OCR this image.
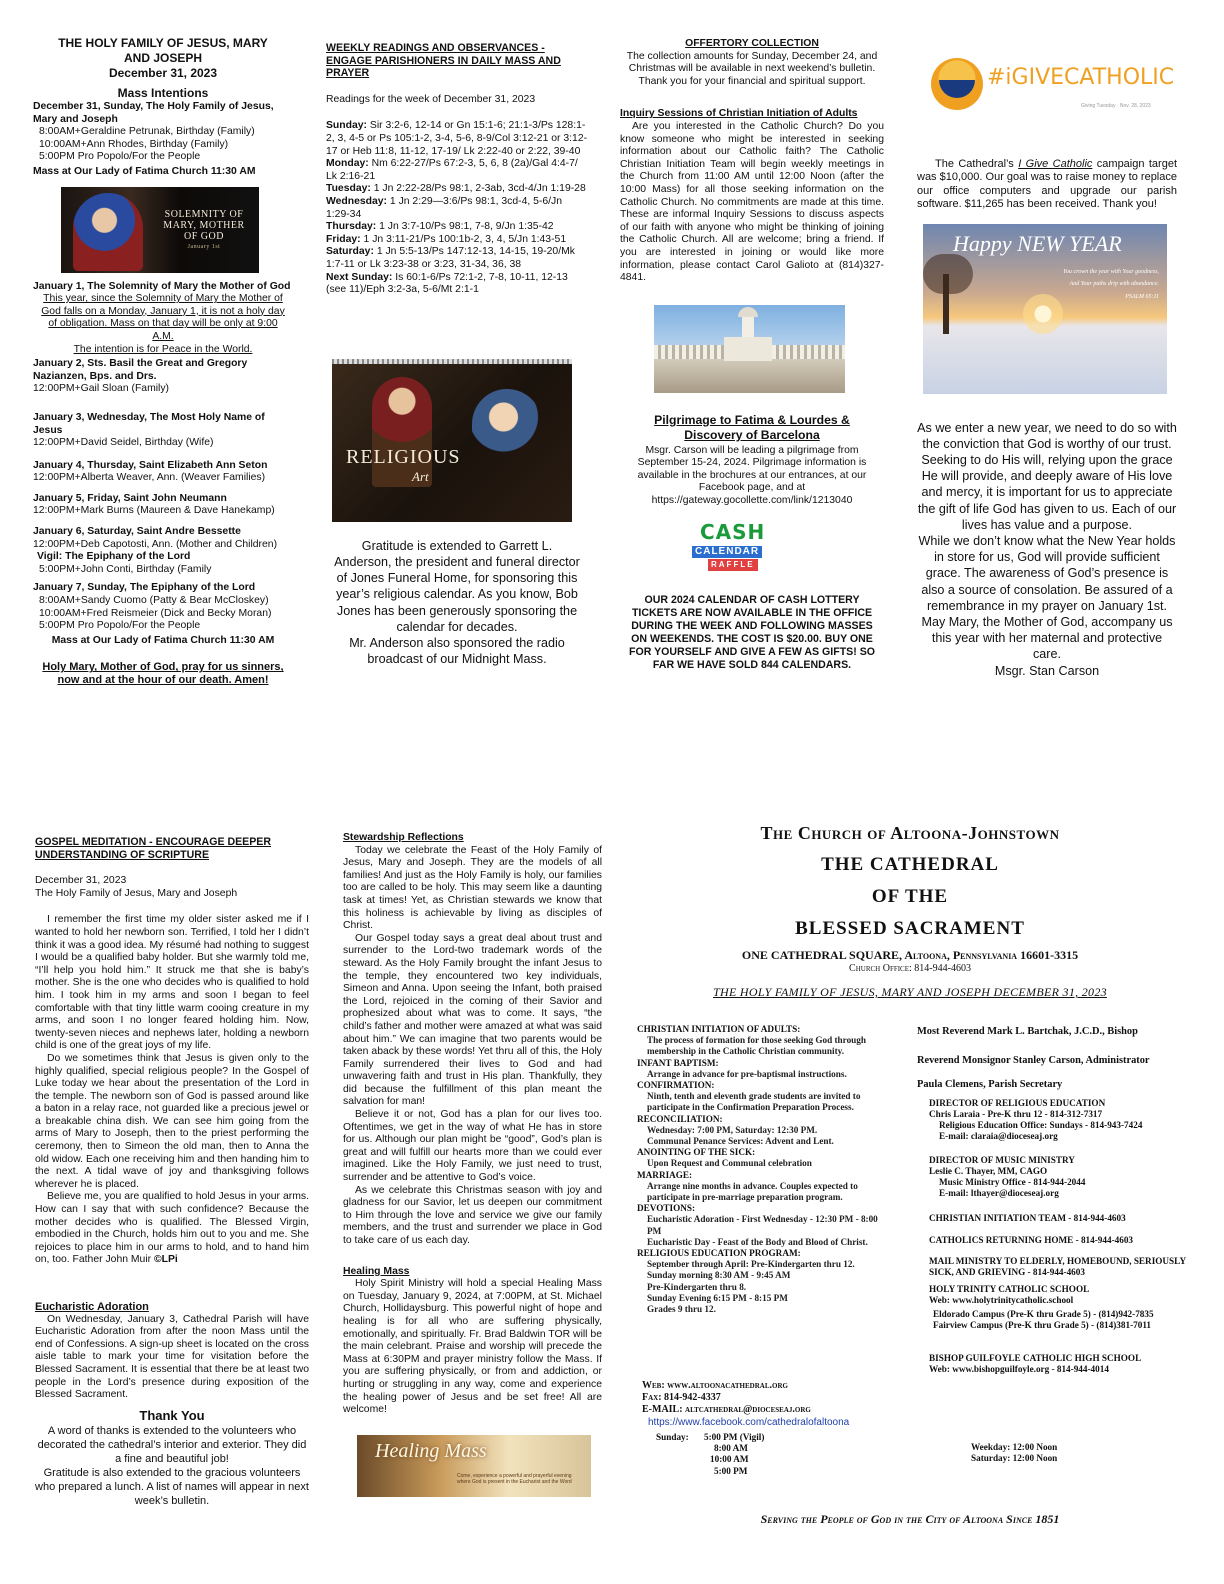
THE HOLY FAMILY OF JESUS, MARY
AND JOSEPH
December 31, 2023
Mass Intentions
December 31, Sunday, The Holy Family of Jesus, Mary and Joseph
8:00AM+Geraldine Petrunak, Birthday (Family)
10:00AM+Ann Rhodes, Birthday (Family)
5:00PM Pro Popolo/For the People
Mass at Our Lady of Fatima Church 11:30 AM
SOLEMNITY OF
MARY, MOTHER
OF GOD
January 1st
January 1, The Solemnity of Mary the Mother of God
This year, since the Solemnity of Mary the Mother of God falls on a Monday, January 1, it is not a holy day of obligation. Mass on that day will be only at 9:00 A.M.
The intention is for Peace in the World.
January 2, Sts. Basil the Great and Gregory Nazianzen, Bps. and Drs.
12:00PM+Gail Sloan (Family)
January 3, Wednesday, The Most Holy Name of Jesus
12:00PM+David Seidel, Birthday (Wife)
January 4, Thursday, Saint Elizabeth Ann Seton
12:00PM+Alberta Weaver, Ann. (Weaver Families)
January 5, Friday, Saint John Neumann
12:00PM+Mark Burns (Maureen & Dave Hanekamp)
January 6, Saturday, Saint Andre Bessette
12:00PM+Deb Capotosti, Ann. (Mother and Children)
Vigil: The Epiphany of the Lord
5:00PM+John Conti, Birthday (Family
January 7, Sunday, The Epiphany of the Lord
8:00AM+Sandy Cuomo (Patty & Bear McCloskey)
10:00AM+Fred Reismeier (Dick and Becky Moran)
5:00PM Pro Popolo/For the People
Mass at Our Lady of Fatima Church 11:30 AM
Holy Mary, Mother of God, pray for us sinners, now and at the hour of our death. Amen!
WEEKLY READINGS AND OBSERVANCES - ENGAGE PARISHIONERS IN DAILY MASS AND PRAYER
Readings for the week of December 31, 2023
Sunday: Sir 3:2-6, 12-14 or Gn 15:1-6; 21:1-3/Ps 128:1-2, 3, 4-5 or Ps 105:1-2, 3-4, 5-6, 8-9/Col 3:12-21 or 3:12-17 or Heb 11:8, 11-12, 17-19/ Lk 2:22-40 or 2:22, 39-40
Monday: Nm 6:22-27/Ps 67:2-3, 5, 6, 8 (2a)/Gal 4:4-7/ Lk 2:16-21
Tuesday: 1 Jn 2:22-28/Ps 98:1, 2-3ab, 3cd-4/Jn 1:19-28
Wednesday: 1 Jn 2:29—3:6/Ps 98:1, 3cd-4, 5-6/Jn 1:29-34
Thursday: 1 Jn 3:7-10/Ps 98:1, 7-8, 9/Jn 1:35-42
Friday: 1 Jn 3:11-21/Ps 100:1b-2, 3, 4, 5/Jn 1:43-51
Saturday: 1 Jn 5:5-13/Ps 147:12-13, 14-15, 19-20/Mk 1:7-11 or Lk 3:23-38 or 3:23, 31-34, 36, 38
Next Sunday: Is 60:1-6/Ps 72:1-2, 7-8, 10-11, 12-13 (see 11)/Eph 3:2-3a, 5-6/Mt 2:1-1
RELIGIOUS
Art
Gratitude is extended to Garrett L. Anderson, the president and funeral director of Jones Funeral Home, for sponsoring this year’s religious calendar. As you know, Bob Jones has been generously sponsoring the calendar for decades.
Mr. Anderson also sponsored the radio broadcast of our Midnight Mass.
OFFERTORY COLLECTION
The collection amounts for Sunday, December 24, and Christmas will be available in next weekend’s bulletin.
Thank you for your financial and spiritual support.
Inquiry Sessions of Christian Initiation of Adults
Are you interested in the Catholic Church? Do you know someone who might be interested in seeking information about our Catholic faith? The Catholic Christian Initiation Team will begin weekly meetings in the Church from 11:00 AM until 12:00 Noon (after the 10:00 Mass) for all those seeking information on the Catholic Church. No commitments are made at this time. These are informal Inquiry Sessions to discuss aspects of our faith with anyone who might be thinking of joining the Catholic Church. All are welcome; bring a friend. If you are interested in joining or would like more information, please contact Carol Galioto at (814)327-4841.
Pilgrimage to Fatima & Lourdes & Discovery of Barcelona
Msgr. Carson will be leading a pilgrimage from September 15-24, 2024. Pilgrimage information is available in the brochures at our entrances, at our Facebook page, and at
https://gateway.gocollette.com/link/1213040
CASH
CALENDAR
RAFFLE
OUR 2024 CALENDAR OF CASH LOTTERY TICKETS ARE NOW AVAILABLE IN THE OFFICE DURING THE WEEK AND FOLLOWING MASSES ON WEEKENDS. THE COST IS $20.00. BUY ONE FOR YOURSELF AND GIVE A FEW AS GIFTS! SO FAR WE HAVE SOLD 844 CALENDARS.
#iGIVECATHOLIC
Giving Tuesday · Nov. 28, 2023
The Cathedral’s I Give Catholic campaign target was $10,000. Our goal was to raise money to replace our office computers and upgrade our parish software. $11,265 has been received. Thank you!
Happy NEW YEAR
You crown the year with Your goodness,
And Your paths drip with abundance.
PSALM 65:11
As we enter a new year, we need to do so with the conviction that God is worthy of our trust. Seeking to do His will, relying upon the grace He will provide, and deeply aware of His love and mercy, it is important for us to appreciate the gift of life God has given to us. Each of our lives has value and a purpose.
While we don’t know what the New Year holds in store for us, God will provide sufficient grace. The awareness of God’s presence is also a source of consolation. Be assured of a remembrance in my prayer on January 1st. May Mary, the Mother of God, accompany us this year with her maternal and protective care.
Msgr. Stan Carson
GOSPEL MEDITATION - ENCOURAGE DEEPER UNDERSTANDING OF SCRIPTURE
December 31, 2023
The Holy Family of Jesus, Mary and Joseph
I remember the first time my older sister asked me if I wanted to hold her newborn son. Terrified, I told her I didn’t think it was a good idea. My résumé had nothing to suggest I would be a qualified baby holder. But she warmly told me, “I’ll help you hold him.” It struck me that she is baby’s mother. She is the one who decides who is qualified to hold him. I took him in my arms and soon I began to feel comfortable with that tiny little warm cooing creature in my arms, and soon I no longer feared holding him. Now, twenty-seven nieces and nephews later, holding a newborn child is one of the great joys of my life.
Do we sometimes think that Jesus is given only to the highly qualified, special religious people? In the Gospel of Luke today we hear about the presentation of the Lord in the temple. The newborn son of God is passed around like a baton in a relay race, not guarded like a precious jewel or a breakable china dish. We can see him going from the arms of Mary to Joseph, then to the priest performing the ceremony, then to Simeon the old man, then to Anna the old widow. Each one receiving him and then handing him to the next. A tidal wave of joy and thanksgiving follows wherever he is placed.
Believe me, you are qualified to hold Jesus in your arms. How can I say that with such confidence? Because the mother decides who is qualified. The Blessed Virgin, embodied in the Church, holds him out to you and me. She rejoices to place him in our arms to hold, and to hand him on, too. Father John Muir ©LPi
Eucharistic Adoration
On Wednesday, January 3, Cathedral Parish will have Eucharistic Adoration from after the noon Mass until the end of Confessions. A sign-up sheet is located on the cross aisle table to mark your time for visitation before the Blessed Sacrament. It is essential that there be at least two people in the Lord’s presence during exposition of the Blessed Sacrament.
Thank You
A word of thanks is extended to the volunteers who decorated the cathedral’s interior and exterior. They did a fine and beautiful job!
Gratitude is also extended to the gracious volunteers who prepared a lunch. A list of names will appear in next week’s bulletin.
Stewardship Reflections
Today we celebrate the Feast of the Holy Family of Jesus, Mary and Joseph. They are the models of all families! And just as the Holy Family is holy, our families too are called to be holy. This may seem like a daunting task at times! Yet, as Christian stewards we know that this holiness is achievable by living as disciples of Christ.
Our Gospel today says a great deal about trust and surrender to the Lord-two trademark words of the steward. As the Holy Family brought the infant Jesus to the temple, they encountered two key individuals, Simeon and Anna. Upon seeing the Infant, both praised the Lord, rejoiced in the coming of their Savior and prophesized about what was to come. It says, “the child’s father and mother were amazed at what was said about him.” We can imagine that two parents would be taken aback by these words! Yet thru all of this, the Holy Family surrendered their lives to God and had unwavering faith and trust in His plan. Thankfully, they did because the fulfillment of this plan meant the salvation for man!
Believe it or not, God has a plan for our lives too. Oftentimes, we get in the way of what He has in store for us. Although our plan might be “good”, God’s plan is great and will fulfill our hearts more than we could ever imagined. Like the Holy Family, we just need to trust, surrender and be attentive to God’s voice.
As we celebrate this Christmas season with joy and gladness for our Savior, let us deepen our commitment to Him through the love and service we give our family members, and the trust and surrender we place in God to take care of us each day.
Healing Mass
Holy Spirit Ministry will hold a special Healing Mass on Tuesday, January 9, 2024, at 7:00PM, at St. Michael Church, Hollidaysburg. This powerful night of hope and healing is for all who are suffering physically, emotionally, and spiritually. Fr. Brad Baldwin TOR will be the main celebrant. Praise and worship will precede the Mass at 6:30PM and prayer ministry follow the Mass. If you are suffering physically, or from and addiction, or hurting or struggling in any way, come and experience the healing power of Jesus and be set free! All are welcome!
Healing Mass
Come, experience a powerful and prayerful evening where God is present in the Eucharist and the Word
The Church of Altoona-Johnstown
THE CATHEDRAL
OF THE
BLESSED SACRAMENT
ONE CATHEDRAL SQUARE, Altoona, Pennsylvania 16601-3315
Church Office: 814-944-4603
THE HOLY FAMILY OF JESUS, MARY AND JOSEPH DECEMBER 31, 2023
CHRISTIAN INITIATION OF ADULTS:
The process of formation for those seeking God through membership in the Catholic Christian community.
INFANT BAPTISM:
Arrange in advance for pre-baptismal instructions.
CONFIRMATION:
Ninth, tenth and eleventh grade students are invited to participate in the Confirmation Preparation Process.
RECONCILIATION:
Wednesday: 7:00 PM, Saturday: 12:30 PM.
Communal Penance Services: Advent and Lent.
ANOINTING OF THE SICK:
Upon Request and Communal celebration
MARRIAGE:
Arrange nine months in advance. Couples expected to participate in pre-marriage preparation program.
DEVOTIONS:
Eucharistic Adoration - First Wednesday - 12:30 PM - 8:00 PM
Eucharistic Day - Feast of the Body and Blood of Christ.
RELIGIOUS EDUCATION PROGRAM:
September through April: Pre-Kindergarten thru 12.
Sunday morning 8:30 AM - 9:45 AM
Pre-Kindergarten thru 8.
Sunday Evening 6:15 PM - 8:15 PM
Grades 9 thru 12.
Web: www.altoonacathedral.org
Fax: 814-942-4337
E-MAIL: altcathedral@dioceseaj.org
https://www.facebook.com/cathedralofaltoona
Sunday:	5:00 PM (Vigil)
8:00 AM
10:00 AM
5:00 PM
Weekday: 12:00 Noon
Saturday: 12:00 Noon
Most Reverend Mark L. Bartchak, J.C.D., Bishop
Reverend Monsignor Stanley Carson, Administrator
Paula Clemens, Parish Secretary
DIRECTOR OF RELIGIOUS EDUCATION
Chris Laraia - Pre-K thru 12 - 814-312-7317
Religious Education Office: Sundays - 814-943-7424
E-mail: claraia@dioceseaj.org
DIRECTOR OF MUSIC MINISTRY
Leslie C. Thayer, MM, CAGO
Music Ministry Office - 814-944-2044
E-mail: lthayer@dioceseaj.org
CHRISTIAN INITIATION TEAM - 814-944-4603
CATHOLICS RETURNING HOME - 814-944-4603
MAIL MINISTRY TO ELDERLY, HOMEBOUND, SERIOUSLY SICK, AND GRIEVING - 814-944-4603
HOLY TRINITY CATHOLIC SCHOOL
Web: www.holytrinitycatholic.school
Eldorado Campus (Pre-K thru Grade 5) - (814)942-7835
Fairview Campus (Pre-K thru Grade 5) - (814)381-7011
BISHOP GUILFOYLE CATHOLIC HIGH SCHOOL
Web: www.bishopguilfoyle.org - 814-944-4014
Serving the People of God in the City of Altoona Since 1851
